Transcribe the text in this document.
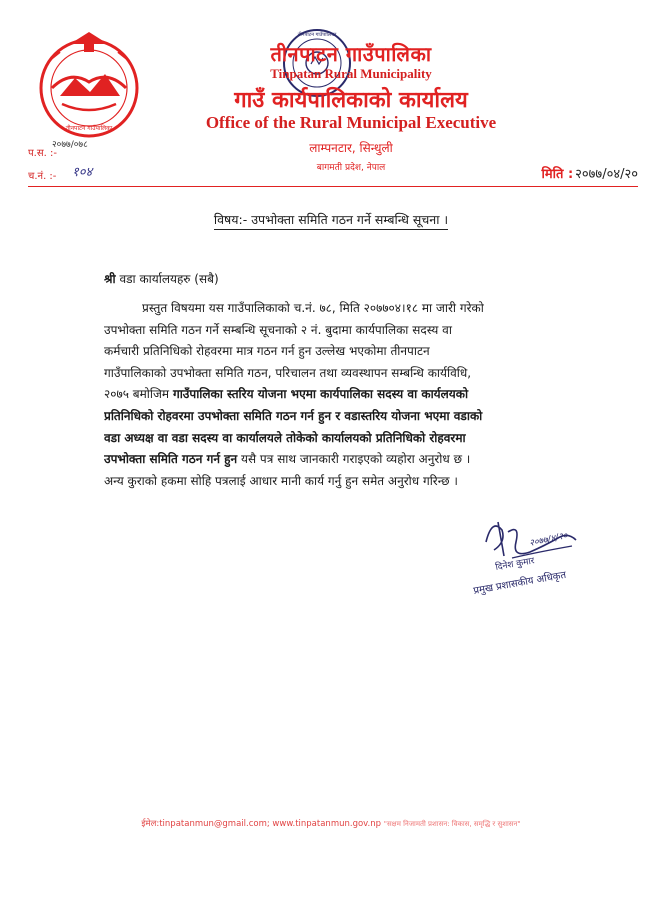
तीनपाटन गाउँपालिका
तीनपाटन गाउँपालिका
तीनपाटन गाउँपालिका
Tinpatan Rural Municipality
गाउँ कार्यपालिकाको कार्यालय
Office of the Rural Municipal Executive
लाम्पनटार, सिन्धुली
बागमती प्रदेश, नेपाल
प.स. :-
२०७७/०७८
च.नं. :- १०४	मिति : २०७७/०४/२०
विषय:- उपभोक्ता समिति गठन गर्ने सम्बन्धि सूचना ।
श्री वडा कार्यालयहरु (सबै)
प्रस्तुत विषयमा यस गाउँपालिकाको च.नं. ७८, मिति २०७७०४।१८ मा जारी गरेको
उपभोक्ता समिति गठन गर्ने सम्बन्धि सूचनाको २ नं. बुदामा कार्यपालिका सदस्य वा
कर्मचारी प्रतिनिधिको रोहवरमा मात्र गठन गर्न हुन उल्लेख भएकोमा तीनपाटन
गाउँपालिकाको उपभोक्ता समिति गठन, परिचालन तथा व्यवस्थापन सम्बन्धि कार्यविधि,
२०७५ बमोजिम गाउँपालिका स्तरिय योजना भएमा कार्यपालिका सदस्य वा कार्यलयको
प्रतिनिधिको रोहवरमा उपभोक्ता समिति गठन गर्न हुन र वडास्तरिय योजना भएमा वडाको
वडा अध्यक्ष वा वडा सदस्य वा कार्यालयले तोकेको कार्यालयको प्रतिनिधिको रोहवरमा
उपभोक्ता समिति गठन गर्न हुन यसै पत्र साथ जानकारी गराइएको व्यहोरा अनुरोध छ ।
अन्य कुराको हकमा सोहि पत्रलाई आधार मानी कार्य गर्नु हुन समेत अनुरोध गरिन्छ ।
२०७७/४/२०
दिनेश कुमार
प्रमुख प्रशासकीय अधिकृत
ईमेल:tinpatanmun@gmail.com; www.tinpatanmun.gov.np "सक्षम निजामती प्रशासन: विकास, समृद्धि र सुशासन"
